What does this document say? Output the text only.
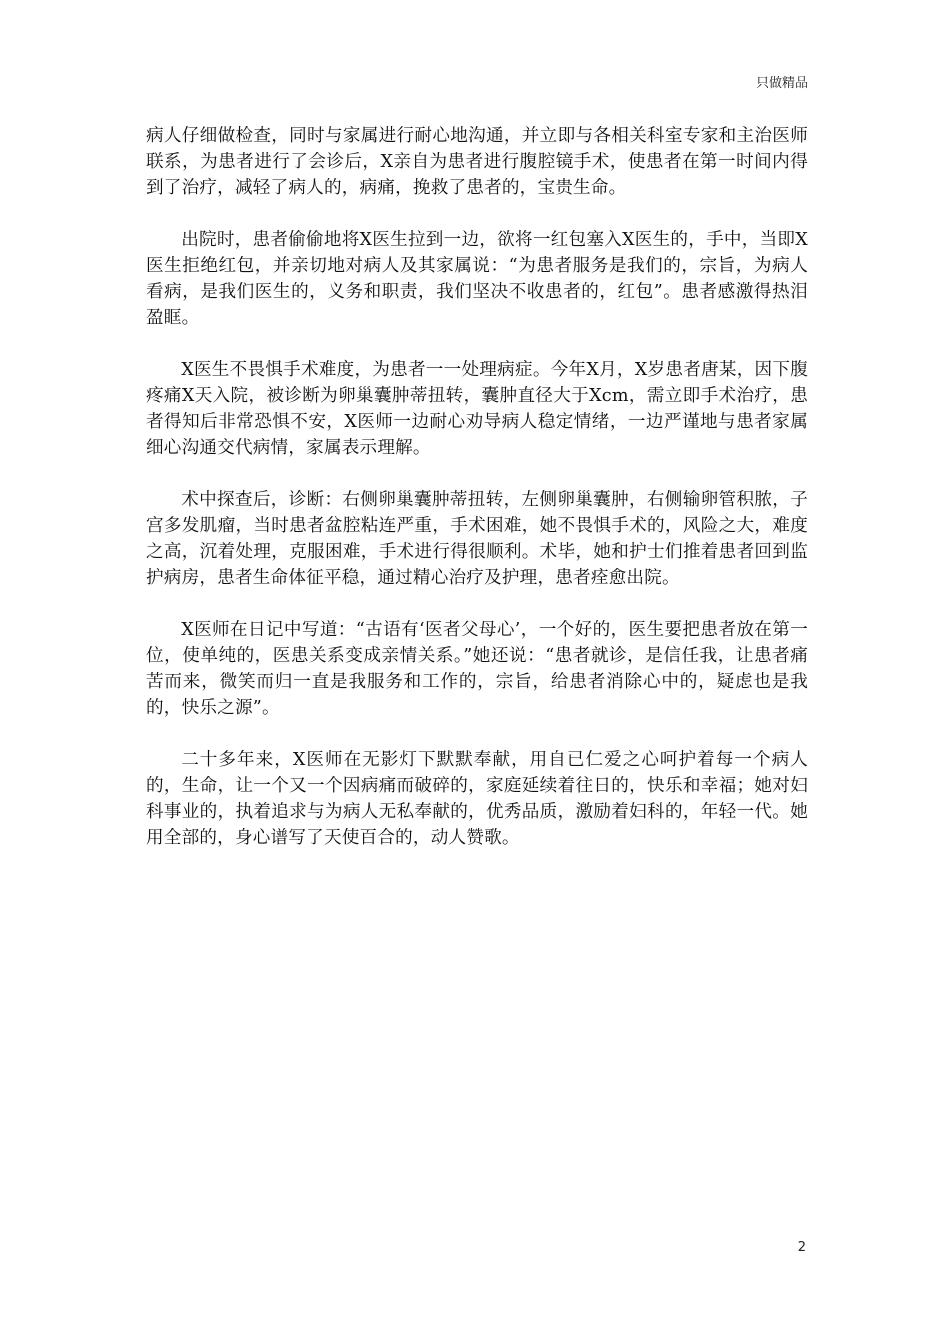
只做精品

病人仔细做检查，同时与家属进行耐心地沟通，并立即与各相关科室专家和主治医师联系，为患者进行了会诊后，X亲自为患者进行腹腔镜手术，使患者在第一时间内得到了治疗，减轻了病人的，病痛，挽救了患者的，宝贵生命。

出院时，患者偷偷地将X医生拉到一边，欲将一红包塞入X医生的，手中，当即X医生拒绝红包，并亲切地对病人及其家属说：“为患者服务是我们的，宗旨，为病人看病，是我们医生的，义务和职责，我们坚决不收患者的，红包”。患者感激得热泪盈眶。

X医生不畏惧手术难度，为患者一一处理病症。今年X月，X岁患者唐某，因下腹疼痛X天入院，被诊断为卵巢囊肿蒂扭转，囊肿直径大于Xcm，需立即手术治疗，患者得知后非常恐惧不安，X医师一边耐心劝导病人稳定情绪，一边严谨地与患者家属细心沟通交代病情，家属表示理解。

术中探查后，诊断：右侧卵巢囊肿蒂扭转，左侧卵巢囊肿，右侧输卵管积脓，子宫多发肌瘤，当时患者盆腔粘连严重，手术困难，她不畏惧手术的，风险之大，难度之高，沉着处理，克服困难，手术进行得很顺利。术毕，她和护士们推着患者回到监护病房，患者生命体征平稳，通过精心治疗及护理，患者痊愈出院。

X医师在日记中写道：“古语有‘医者父母心’，一个好的，医生要把患者放在第一位，使单纯的，医患关系变成亲情关系。”她还说：“患者就诊，是信任我，让患者痛苦而来，微笑而归一直是我服务和工作的，宗旨，给患者消除心中的，疑虑也是我的，快乐之源”。

二十多年来，X医师在无影灯下默默奉献，用自已仁爱之心呵护着每一个病人的，生命，让一个又一个因病痛而破碎的，家庭延续着往日的，快乐和幸福；她对妇科事业的，执着追求与为病人无私奉献的，优秀品质，激励着妇科的，年轻一代。她用全部的，身心谱写了天使百合的，动人赞歌。

2
